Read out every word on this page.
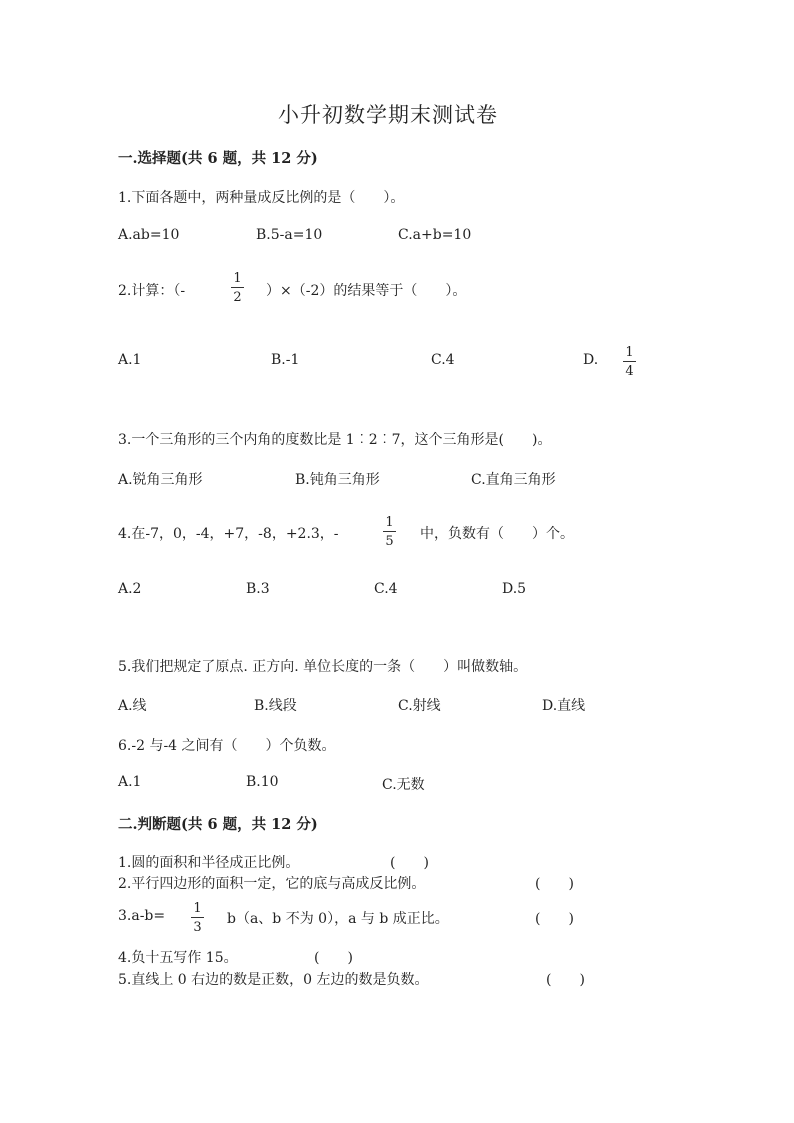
小升初数学期末测试卷
一.选择题(共 6 题，共 12 分)
1.下面各题中，两种量成反比例的是（　　）。
A.ab=10	B.5-a=10	C.a+b=10
2.计算：（-
1
2 ）×（-2）的结果等于（　　）。
A.1	B.-1	C.4	D. 1
4
3.一个三角形的三个内角的度数比是 1︰2︰7，这个三角形是(　　)。
A.锐角三角形	B.钝角三角形	C.直角三角形
4.在-7，0，-4，+7，-8，+2.3，-
1
5 中，负数有（　　）个。
A.2	B.3	C.4	D.5
5.我们把规定了原点. 正方向. 单位长度的一条（　　）叫做数轴。
A.线	B.线段	C.射线	D.直线
6.-2 与-4 之间有（　　）个负数。
A.1	B.10	C.无数
二.判断题(共 6 题，共 12 分)
1.圆的面积和半径成正比例。	(　　)
2.平行四边形的面积一定，它的底与高成反比例。	(　　)
3.a-b= 1
3
b（a、b 不为 0），a 与 b 成正比。	(　　)
4.负十五写作 15。	(　　)
5.直线上 0 右边的数是正数，0 左边的数是负数。	(　　)
